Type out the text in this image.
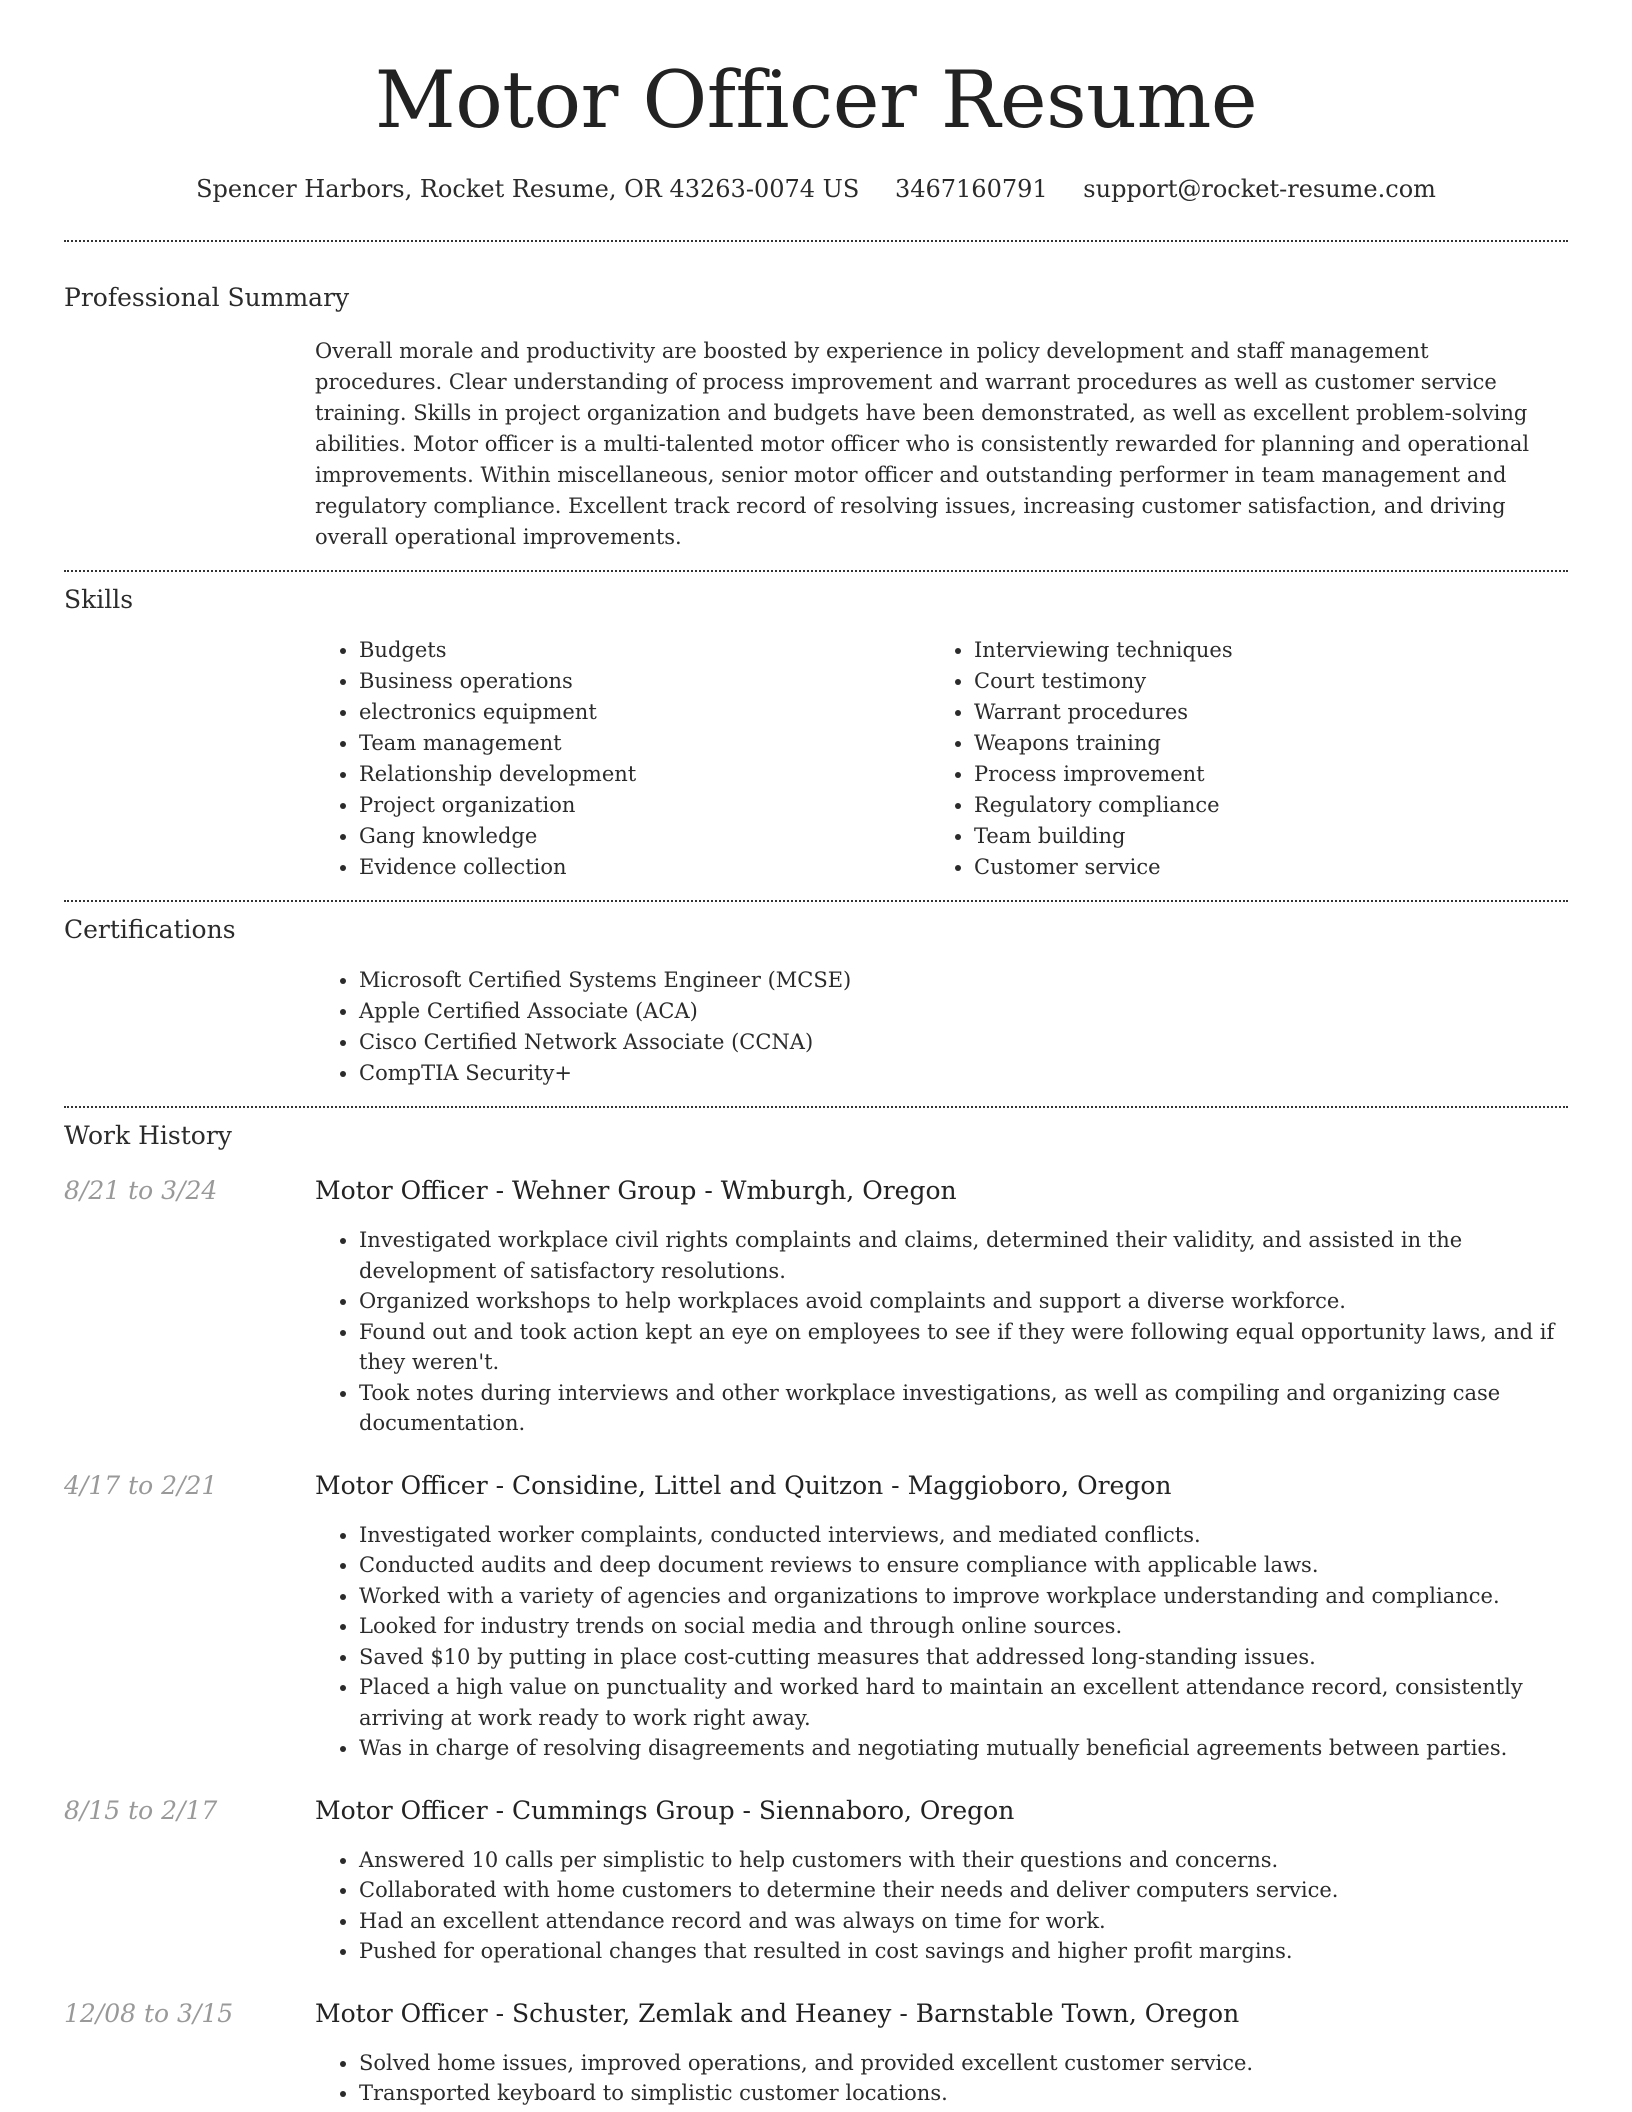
Motor Officer Resume
Spencer Harbors, Rocket Resume, OR 43263-0074 US 3467160791 support@rocket-resume.com
Professional Summary
Overall morale and productivity are boosted by experience in policy development and staff management procedures. Clear understanding of process improvement and warrant procedures as well as customer service training. Skills in project organization and budgets have been demonstrated, as well as excellent problem-solving abilities. Motor officer is a multi-talented motor officer who is consistently rewarded for planning and operational improvements. Within miscellaneous, senior motor officer and outstanding performer in team management and regulatory compliance. Excellent track record of resolving issues, increasing customer satisfaction, and driving overall operational improvements.
Skills
• Budgets
• Business operations
• electronics equipment
• Team management
• Relationship development
• Project organization
• Gang knowledge
• Evidence collection
• Interviewing techniques
• Court testimony
• Warrant procedures
• Weapons training
• Process improvement
• Regulatory compliance
• Team building
• Customer service
Certifications
• Microsoft Certified Systems Engineer (MCSE)
• Apple Certified Associate (ACA)
• Cisco Certified Network Associate (CCNA)
• CompTIA Security+
Work History
8/21 to 3/24	Motor Officer - Wehner Group - Wmburgh, Oregon
• Investigated workplace civil rights complaints and claims, determined their validity, and assisted in the development of satisfactory resolutions.
• Organized workshops to help workplaces avoid complaints and support a diverse workforce.
• Found out and took action kept an eye on employees to see if they were following equal opportunity laws, and if they weren't.
• Took notes during interviews and other workplace investigations, as well as compiling and organizing case documentation.
4/17 to 2/21	Motor Officer - Considine, Littel and Quitzon - Maggioboro, Oregon
• Investigated worker complaints, conducted interviews, and mediated conflicts.
• Conducted audits and deep document reviews to ensure compliance with applicable laws.
• Worked with a variety of agencies and organizations to improve workplace understanding and compliance.
• Looked for industry trends on social media and through online sources.
• Saved $10 by putting in place cost-cutting measures that addressed long-standing issues.
• Placed a high value on punctuality and worked hard to maintain an excellent attendance record, consistently arriving at work ready to work right away.
• Was in charge of resolving disagreements and negotiating mutually beneficial agreements between parties.
8/15 to 2/17	Motor Officer - Cummings Group - Siennaboro, Oregon
• Answered 10 calls per simplistic to help customers with their questions and concerns.
• Collaborated with home customers to determine their needs and deliver computers service.
• Had an excellent attendance record and was always on time for work.
• Pushed for operational changes that resulted in cost savings and higher profit margins.
12/08 to 3/15	Motor Officer - Schuster, Zemlak and Heaney - Barnstable Town, Oregon
• Solved home issues, improved operations, and provided excellent customer service.
• Transported keyboard to simplistic customer locations.
